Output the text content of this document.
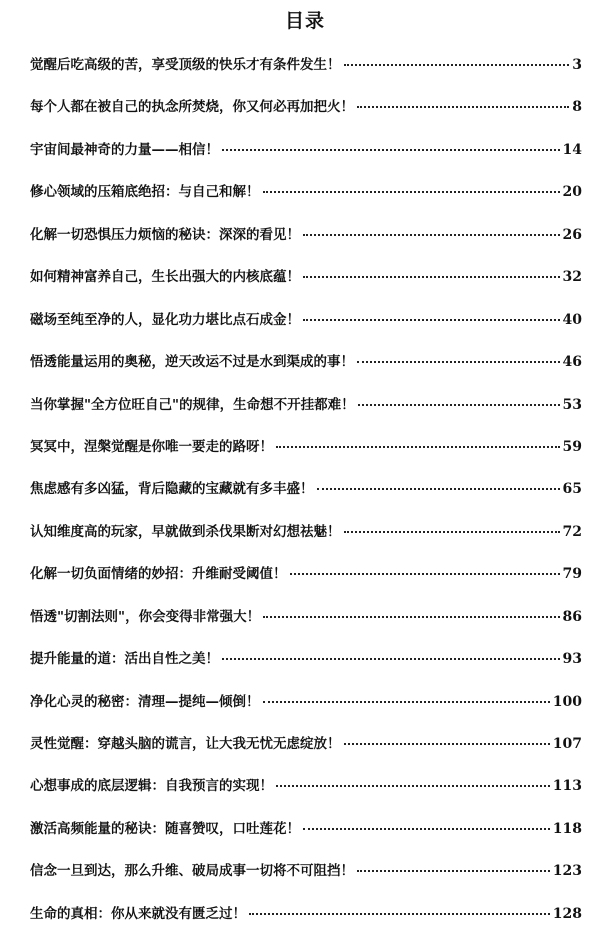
目录
觉醒后吃高级的苦，享受顶级的快乐才有条件发生！	3
每个人都在被自己的执念所焚烧，你又何必再加把火！	8
宇宙间最神奇的力量——相信！	14
修心领域的压箱底绝招：与自己和解！	20
化解一切恐惧压力烦恼的秘诀：深深的看见！	26
如何精神富养自己，生长出强大的内核底蕴！	32
磁场至纯至净的人，显化功力堪比点石成金！	40
悟透能量运用的奥秘，逆天改运不过是水到渠成的事！	46
当你掌握"全方位旺自己"的规律，生命想不开挂都难！	53
冥冥中，涅槃觉醒是你唯一要走的路呀！	59
焦虑感有多凶猛，背后隐藏的宝藏就有多丰盛！	65
认知维度高的玩家，早就做到杀伐果断对幻想祛魅！	72
化解一切负面情绪的妙招：升维耐受阈值！	79
悟透"切割法则"，你会变得非常强大！	86
提升能量的道：活出自性之美！	93
净化心灵的秘密：清理—提纯—倾倒！	100
灵性觉醒：穿越头脑的谎言，让大我无忧无虑绽放！	107
心想事成的底层逻辑：自我预言的实现！	113
激活高频能量的秘诀：随喜赞叹，口吐莲花！	118
信念一旦到达，那么升维、破局成事一切将不可阻挡！	123
生命的真相：你从来就没有匮乏过！	128
